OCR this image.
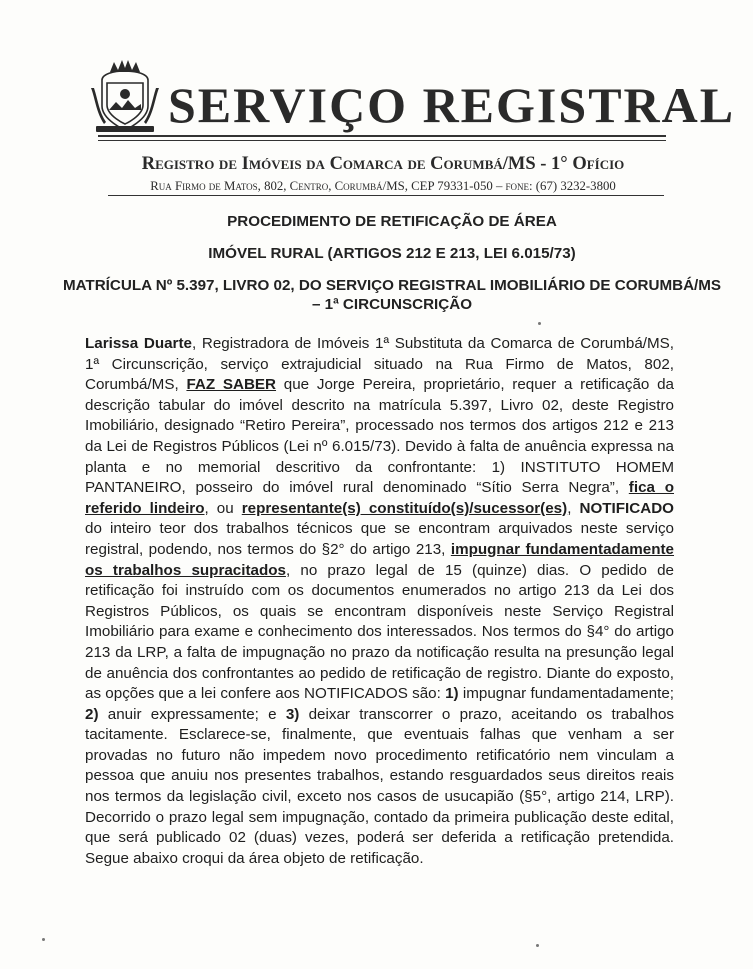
SERVIÇO REGISTRAL
Registro de Imóveis da Comarca de Corumbá/MS - 1° Ofício
Rua Firmo de Matos, 802, Centro, Corumbá/MS, CEP 79331-050 – fone: (67) 3232-3800
PROCEDIMENTO DE RETIFICAÇÃO DE ÁREA
IMÓVEL RURAL (ARTIGOS 212 E 213, LEI 6.015/73)
MATRÍCULA Nº 5.397, LIVRO 02, DO SERVIÇO REGISTRAL IMOBILIÁRIO DE CORUMBÁ/MS – 1ª CIRCUNSCRIÇÃO
Larissa Duarte, Registradora de Imóveis 1ª Substituta da Comarca de Corumbá/MS, 1ª Circunscrição, serviço extrajudicial situado na Rua Firmo de Matos, 802, Corumbá/MS, FAZ SABER que Jorge Pereira, proprietário, requer a retificação da descrição tabular do imóvel descrito na matrícula 5.397, Livro 02, deste Registro Imobiliário, designado “Retiro Pereira”, processado nos termos dos artigos 212 e 213 da Lei de Registros Públicos (Lei nº 6.015/73). Devido à falta de anuência expressa na planta e no memorial descritivo da confrontante: 1) INSTITUTO HOMEM PANTANEIRO, posseiro do imóvel rural denominado “Sítio Serra Negra”, fica o referido lindeiro, ou representante(s) constituído(s)/sucessor(es), NOTIFICADO do inteiro teor dos trabalhos técnicos que se encontram arquivados neste serviço registral, podendo, nos termos do §2° do artigo 213, impugnar fundamentadamente os trabalhos supracitados, no prazo legal de 15 (quinze) dias. O pedido de retificação foi instruído com os documentos enumerados no artigo 213 da Lei dos Registros Públicos, os quais se encontram disponíveis neste Serviço Registral Imobiliário para exame e conhecimento dos interessados. Nos termos do §4° do artigo 213 da LRP, a falta de impugnação no prazo da notificação resulta na presunção legal de anuência dos confrontantes ao pedido de retificação de registro. Diante do exposto, as opções que a lei confere aos NOTIFICADOS são: 1) impugnar fundamentadamente; 2) anuir expressamente; e 3) deixar transcorrer o prazo, aceitando os trabalhos tacitamente. Esclarece-se, finalmente, que eventuais falhas que venham a ser provadas no futuro não impedem novo procedimento retificatório nem vinculam a pessoa que anuiu nos presentes trabalhos, estando resguardados seus direitos reais nos termos da legislação civil, exceto nos casos de usucapião (§5°, artigo 214, LRP). Decorrido o prazo legal sem impugnação, contado da primeira publicação deste edital, que será publicado 02 (duas) vezes, poderá ser deferida a retificação pretendida. Segue abaixo croqui da área objeto de retificação.
